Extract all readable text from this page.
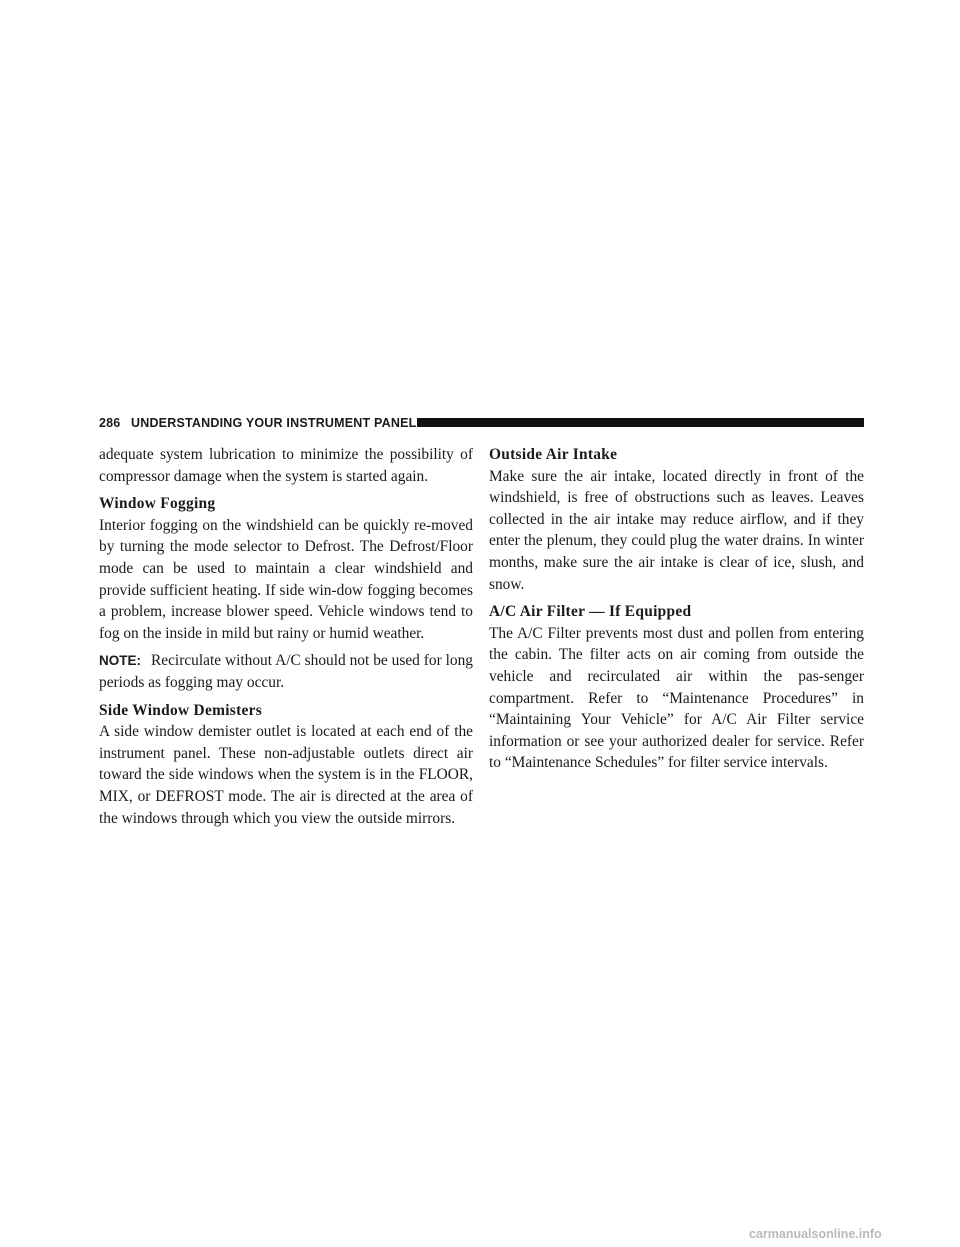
286 UNDERSTANDING YOUR INSTRUMENT PANEL

adequate system lubrication to minimize the possibility of compressor damage when the system is started again.

Window Fogging

Interior fogging on the windshield can be quickly re-moved by turning the mode selector to Defrost. The Defrost/Floor mode can be used to maintain a clear windshield and provide sufficient heating. If side win-dow fogging becomes a problem, increase blower speed. Vehicle windows tend to fog on the inside in mild but rainy or humid weather.

NOTE: Recirculate without A/C should not be used for long periods as fogging may occur.

Side Window Demisters

A side window demister outlet is located at each end of the instrument panel. These non-adjustable outlets direct air toward the side windows when the system is in the FLOOR, MIX, or DEFROST mode. The air is directed at the area of the windows through which you view the outside mirrors.

Outside Air Intake

Make sure the air intake, located directly in front of the windshield, is free of obstructions such as leaves. Leaves collected in the air intake may reduce airflow, and if they enter the plenum, they could plug the water drains. In winter months, make sure the air intake is clear of ice, slush, and snow.

A/C Air Filter — If Equipped

The A/C Filter prevents most dust and pollen from entering the cabin. The filter acts on air coming from outside the vehicle and recirculated air within the pas-senger compartment. Refer to “Maintenance Procedures” in “Maintaining Your Vehicle” for A/C Air Filter service information or see your authorized dealer for service. Refer to “Maintenance Schedules” for filter service intervals.

carmanualsonline.info
